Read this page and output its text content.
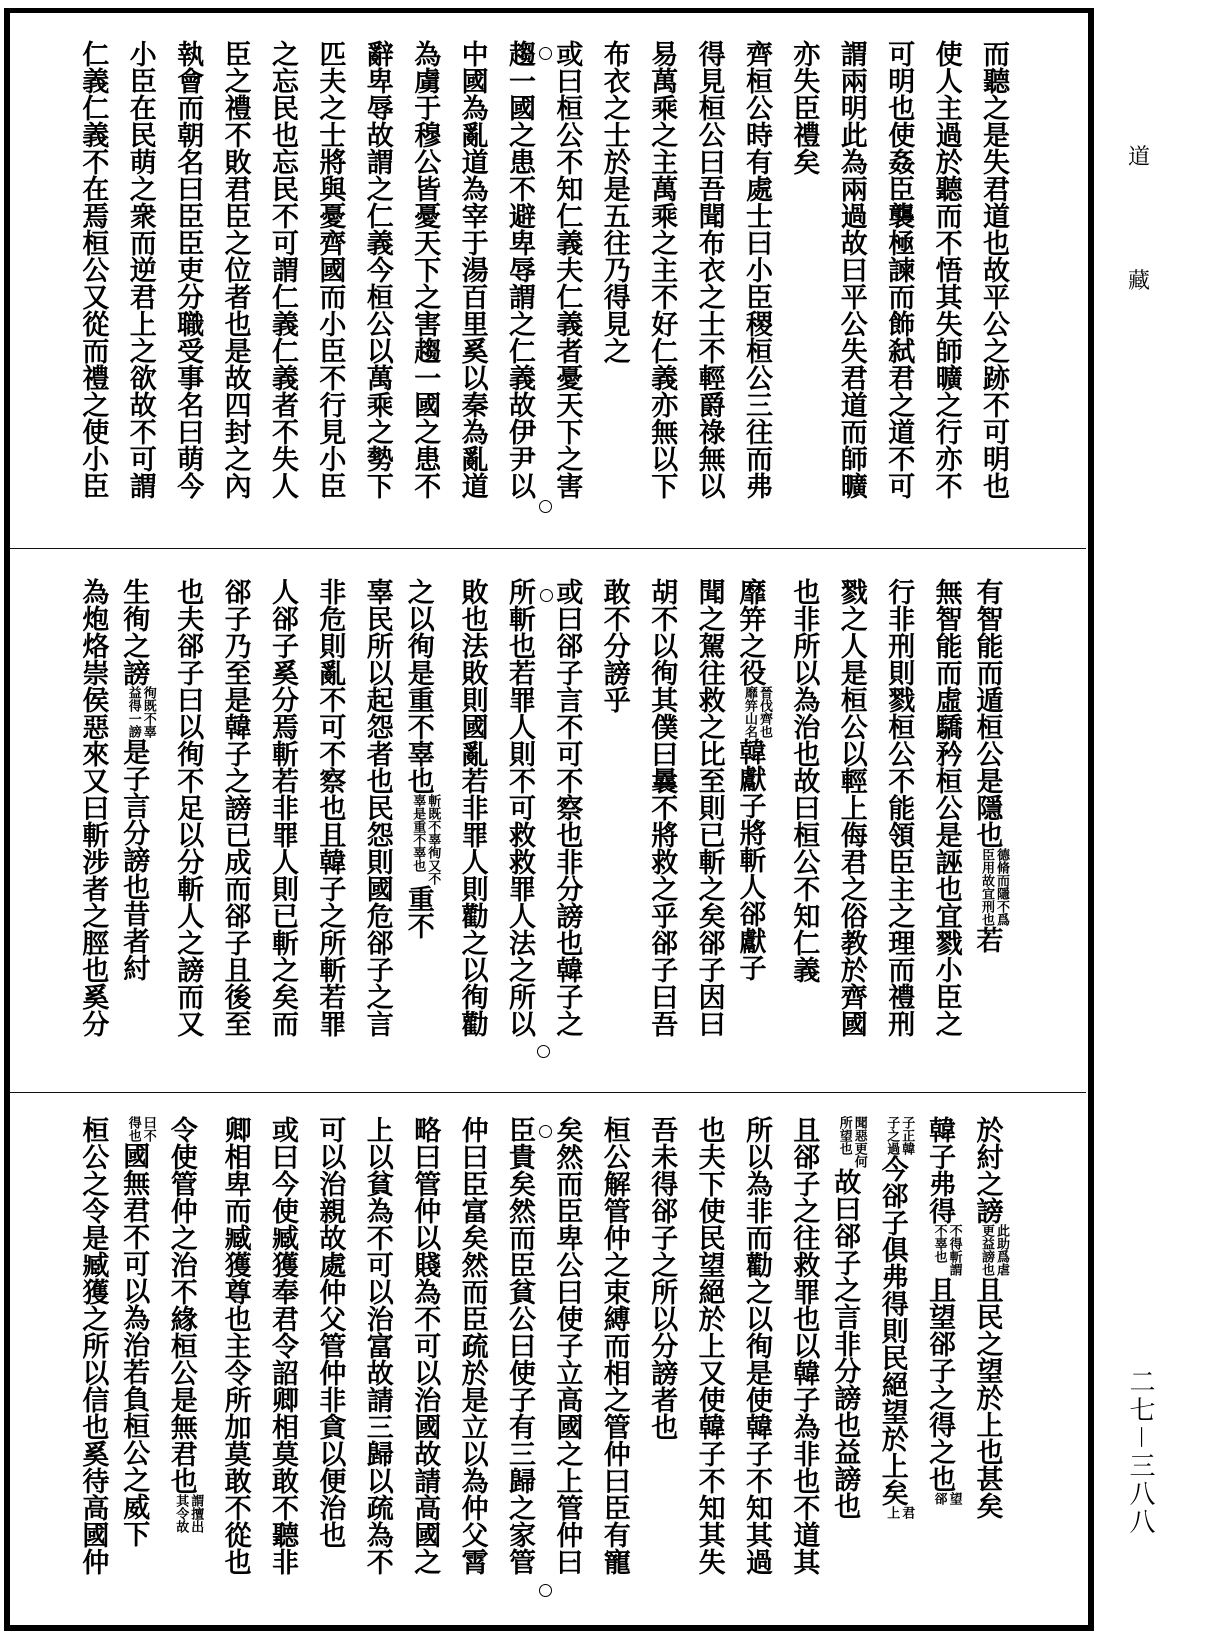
而聽之是失君道也故平公之跡不可明也
使人主過於聽而不悟其失師曠之行亦不
可明也使姦臣襲極諫而飾弑君之道不可
謂兩明此為兩過故曰平公失君道而師曠
亦失臣禮矣
齊桓公時有處士曰小臣稷桓公三往而弗
得見桓公曰吾聞布衣之士不輕爵祿無以
易萬乘之主萬乘之主不好仁義亦無以下
布衣之士於是五往乃得見之
或曰桓公不知仁義夫仁義者憂天下之害
趨一國之患不避卑辱謂之仁義故伊尹以
中國為亂道為宰于湯百里奚以秦為亂道
為虜于穆公皆憂天下之害趨一國之患不
辭卑辱故謂之仁義今桓公以萬乘之勢下
匹夫之士將與憂齊國而小臣不行見小臣
之忘民也忘民不可謂仁義仁義者不失人
臣之禮不敗君臣之位者也是故四封之內
執會而朝名曰臣臣吏分職受事名曰萌今
小臣在民萌之衆而逆君上之欲故不可謂
仁義仁義不在焉桓公又從而禮之使小臣
有智能而遁桓公是隱也
德脩而隱不爲
臣用故宜刑也
若
無智能而虛驕矜桓公是誣也宜戮小臣之
行非刑則戮桓公不能領臣主之理而禮刑
戮之人是桓公以輕上侮君之俗教於齊國
也非所以為治也故曰桓公不知仁義
靡笄之役
晉伐齊也
靡笄山名
韓獻子將斬人郤獻子
聞之駕往救之比至則已斬之矣郤子因曰
胡不以徇其僕曰曩不將救之乎郤子曰吾
敢不分謗乎
或曰郤子言不可不察也非分謗也韓子之
所斬也若罪人則不可救救罪人法之所以
敗也法敗則國亂若非罪人則勸之以徇勸
之以徇是重不辜也
斬既不辜徇又不
辜是重不辜也
重不
辜民所以起怨者也民怨則國危郤子之言
非危則亂不可不察也且韓子之所斬若罪
人郤子奚分焉斬若非罪人則已斬之矣而
郤子乃至是韓子之謗已成而郤子且後至
也夫郤子曰以徇不足以分斬人之謗而又
生徇之謗
徇既不辜
益得一謗
是子言分謗也昔者紂
為炮烙崇侯惡來又曰斬涉者之脛也奚分
於紂之謗
此助爲虐
更益謗也
且民之望於上也甚矣
韓子弗得
不得斬謂
不辜也
且望郤子之得之也
望
郤
子正韓
子之過
今郤子俱弗得則民絕望於上矣
君
上
聞惡更何
所望也
故曰郤子之言非分謗也益謗也
且郤子之往救罪也以韓子為非也不道其
所以為非而勸之以徇是使韓子不知其過
也夫下使民望絕於上又使韓子不知其失
吾未得郤子之所以分謗者也
桓公解管仲之束縛而相之管仲曰臣有寵
矣然而臣卑公曰使子立高國之上管仲曰
臣貴矣然而臣貧公曰使子有三歸之家管
仲曰臣富矣然而臣疏於是立以為仲父霄
略曰管仲以賤為不可以治國故請高國之
上以貧為不可以治富故請三歸以疏為不
可以治親故處仲父管仲非貪以便治也
或曰今使臧獲奉君令詔卿相莫敢不聽非
卿相卑而臧獲尊也主令所加莫敢不從也
令使管仲之治不緣桓公是無君也
謂擅出
其令故
曰不
得也
國無君不可以為治若負桓公之威下
桓公之令是臧獲之所以信也奚待高國仲
道
藏
二七－三八八
